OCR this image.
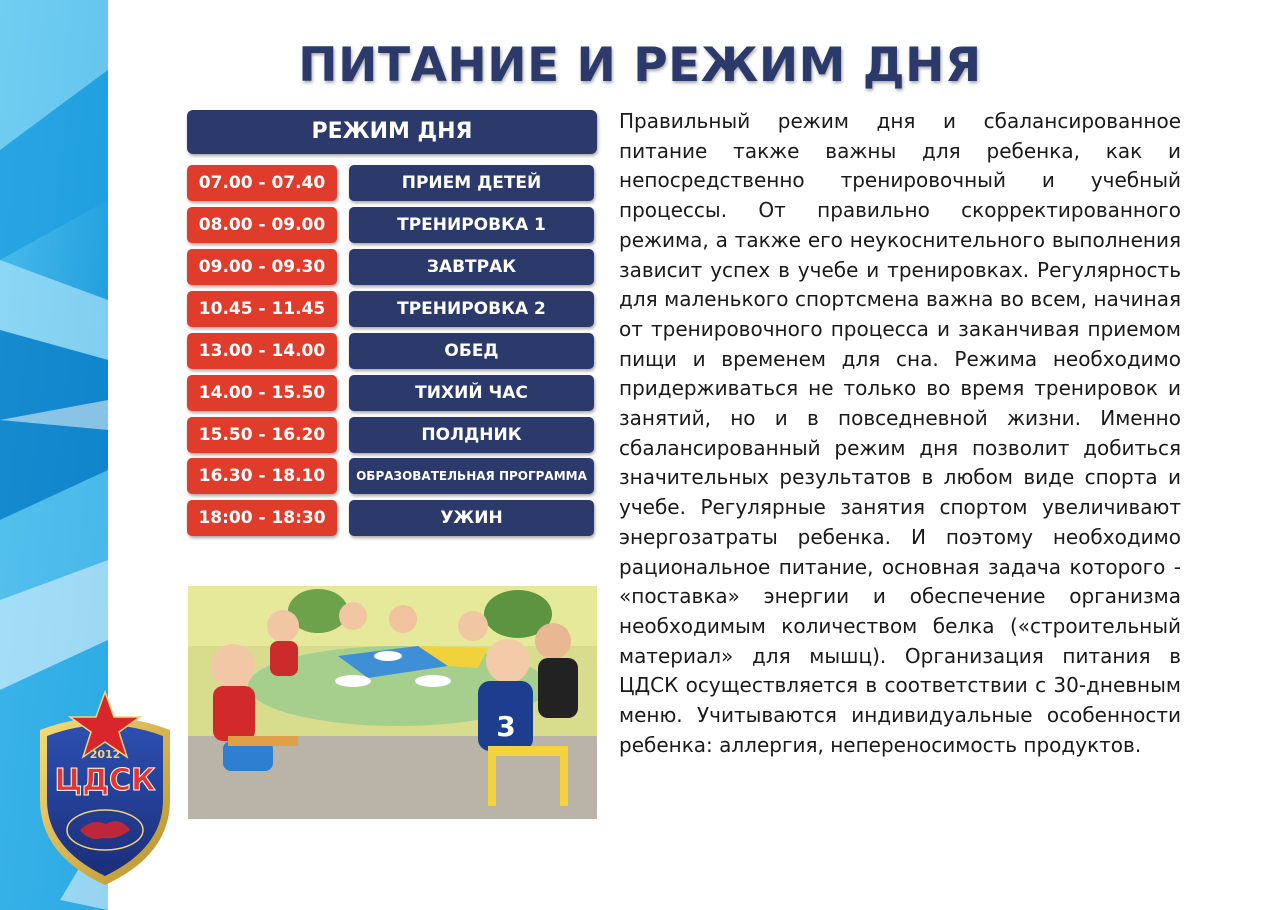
2012
ЦДСК
ПИТАНИЕ И РЕЖИМ ДНЯ
РЕЖИМ ДНЯ
07.00 - 07.40	ПРИЕМ ДЕТЕЙ
08.00 - 09.00	ТРЕНИРОВКА 1
09.00 - 09.30	ЗАВТРАК
10.45 - 11.45	ТРЕНИРОВКА 2
13.00 - 14.00	ОБЕД
14.00 - 15.50	ТИХИЙ ЧАС
15.50 - 16.20	ПОЛДНИК
16.30 - 18.10	ОБРАЗОВАТЕЛЬНАЯ ПРОГРАММА
18:00 - 18:30	УЖИН
3

Правильный режим дня и сбалансированное питание также важны для ребенка, как и непосредственно тренировочный и учебный процессы. От правильно скорректированного режима, а также его неукоснительного выполнения зависит успех в учебе и тренировках. Регулярность для маленького спортсмена важна во всем, начиная от тренировочного процесса и заканчивая приемом пищи и временем для сна. Режима необходимо придерживаться не только во время тренировок и занятий, но и в повседневной жизни. Именно сбалансированный режим дня позволит добиться значительных результатов в любом виде спорта и учебе. Регулярные занятия спортом увеличивают энергозатраты ребенка. И поэтому необходимо рациональное питание, основная задача которого - «поставка» энергии и обеспечение организма необходимым количеством белка («строительный материал» для мышц). Организация питания в ЦДСК осуществляется в соответствии с 30-дневным меню. Учитываются индивидуальные особенности ребенка: аллергия, непереносимость продуктов.
